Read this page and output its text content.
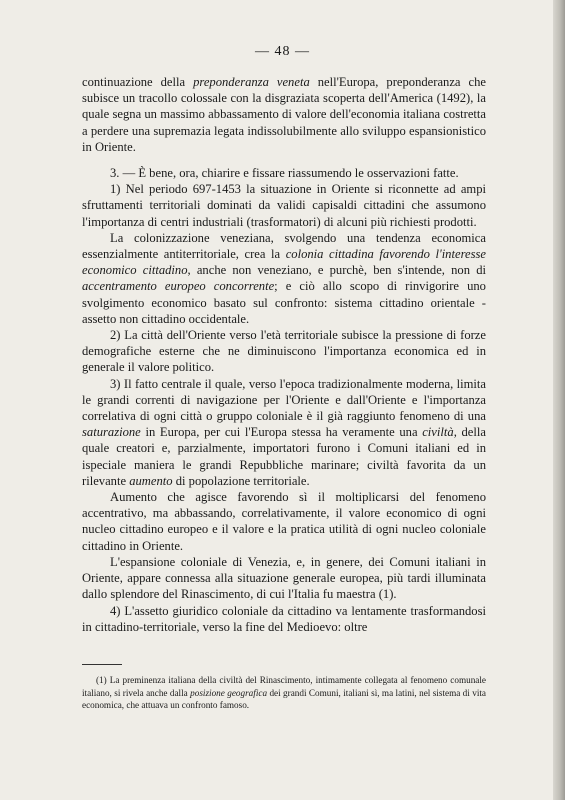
— 48 —

continuazione della preponderanza veneta nell'Europa, preponderanza che subisce un tracollo colossale con la disgraziata scoperta dell'America (1492), la quale segna un massimo abbassamento di valore dell'economia italiana costretta a perdere una supremazia legata indissolubilmente allo sviluppo espansionistico in Oriente.

3. — È bene, ora, chiarire e fissare riassumendo le osservazioni fatte.

1) Nel periodo 697-1453 la situazione in Oriente si riconnette ad ampi sfruttamenti territoriali dominati da validi capisaldi cittadini che assumono l'importanza di centri industriali (trasformatori) di alcuni più richiesti prodotti.

La colonizzazione veneziana, svolgendo una tendenza economica essenzialmente antiterritoriale, crea la colonia cittadina favorendo l'interesse economico cittadino, anche non veneziano, e purchè, ben s'intende, non di accentramento europeo concorrente; e ciò allo scopo di rinvigorire uno svolgimento economico basato sul confronto: sistema cittadino orientale - assetto non cittadino occidentale.

2) La città dell'Oriente verso l'età territoriale subisce la pressione di forze demografiche esterne che ne diminuiscono l'importanza economica ed in generale il valore politico.

3) Il fatto centrale il quale, verso l'epoca tradizionalmente moderna, limita le grandi correnti di navigazione per l'Oriente e dall'Oriente e l'importanza correlativa di ogni città o gruppo coloniale è il già raggiunto fenomeno di una saturazione in Europa, per cui l'Europa stessa ha veramente una civiltà, della quale creatori e, parzialmente, importatori furono i Comuni italiani ed in ispeciale maniera le grandi Repubbliche marinare; civiltà favorita da un rilevante aumento di popolazione territoriale.

Aumento che agisce favorendo sì il moltiplicarsi del fenomeno accentrativo, ma abbassando, correlativamente, il valore economico di ogni nucleo cittadino europeo e il valore e la pratica utilità di ogni nucleo coloniale cittadino in Oriente.

L'espansione coloniale di Venezia, e, in genere, dei Comuni italiani in Oriente, appare connessa alla situazione generale europea, più tardi illuminata dallo splendore del Rinascimento, di cui l'Italia fu maestra (1).

4) L'assetto giuridico coloniale da cittadino va lentamente trasformandosi in cittadino-territoriale, verso la fine del Medioevo: oltre

(1) La preminenza italiana della civiltà del Rinascimento, intimamente collegata al fenomeno comunale italiano, si rivela anche dalla posizione geografica dei grandi Comuni, italiani sì, ma latini, nel sistema di vita economica, che attuava un confronto famoso.
